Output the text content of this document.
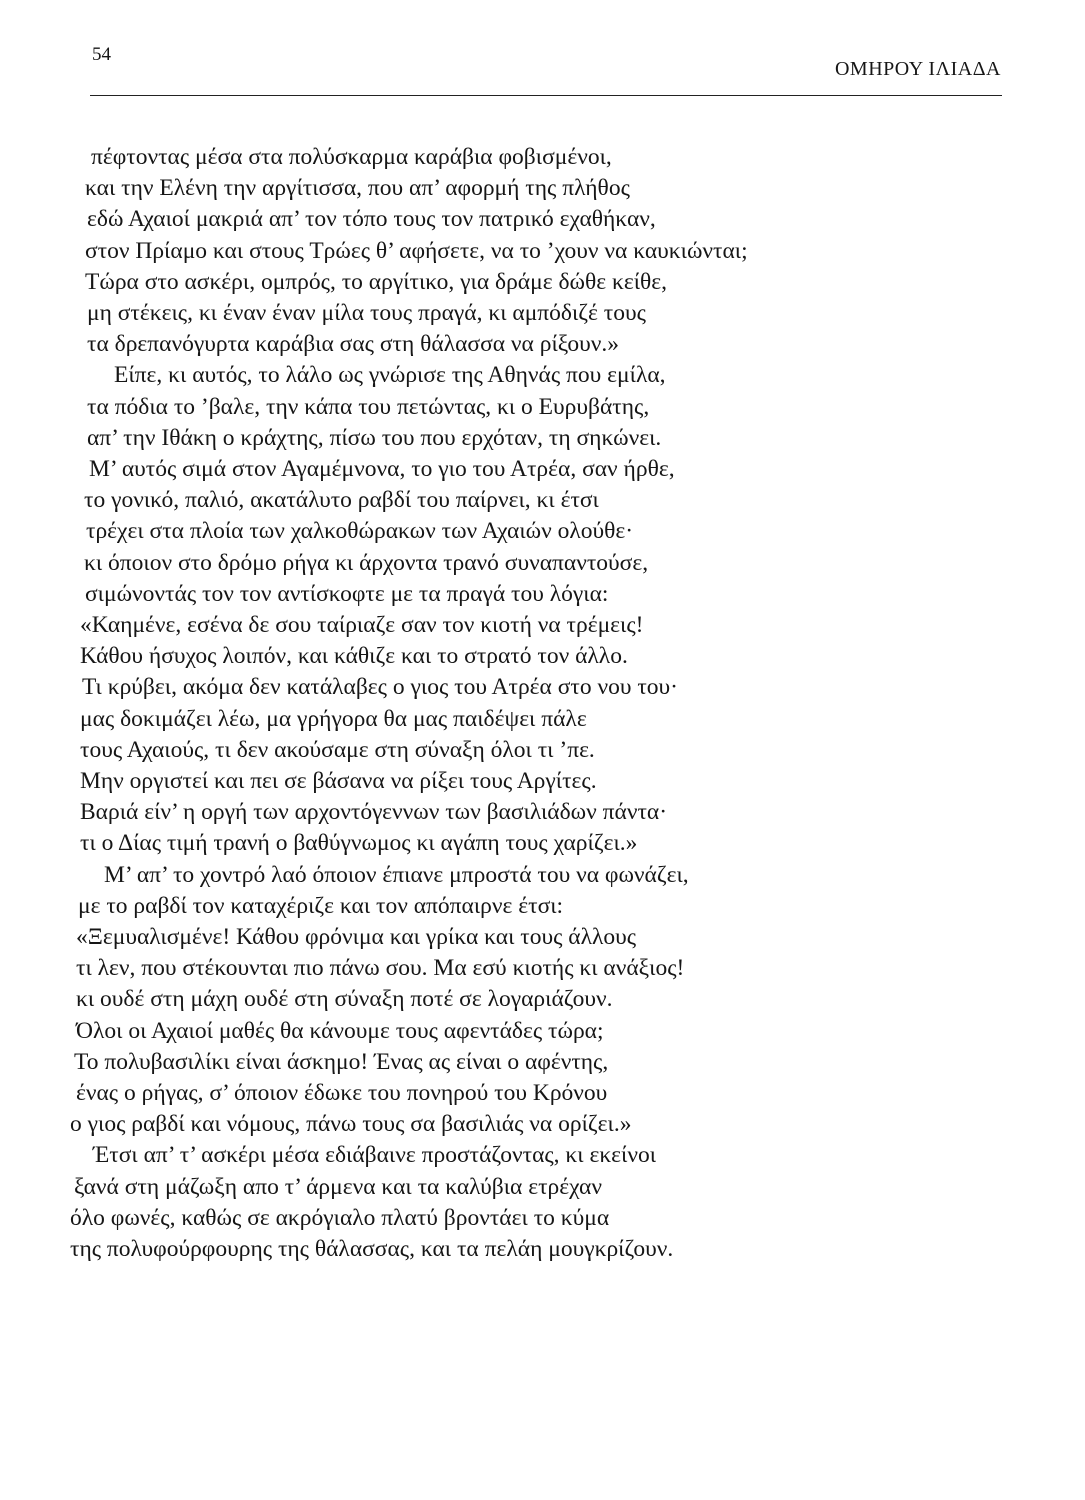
54
ΟΜΗΡΟΥ ΙΛΙΑΔΑ
πέφτοντας μέσα στα πολύσκαρμα καράβια φοβισμένοι,
και την Ελένη την αργίτισσα, που απ’ αφορμή της πλήθος
εδώ Αχαιοί μακριά απ’ τον τόπο τους τον πατρικό εχαθήκαν,
στον Πρίαμο και στους Τρώες θ’ αφήσετε, να το ’χουν να καυκιώνται;
Τώρα στο ασκέρι, ομπρός, το αργίτικο, για δράμε δώθε κείθε,
μη στέκεις, κι έναν έναν μίλα τους πραγά, κι αμπόδιζέ τους
τα δρεπανόγυρτα καράβια σας στη θάλασσα να ρίξουν.»
Είπε, κι αυτός, το λάλο ως γνώρισε της Αθηνάς που εμίλα,
τα πόδια το ’βαλε, την κάπα του πετώντας, κι ο Ευρυβάτης,
απ’ την Ιθάκη ο κράχτης, πίσω του που ερχόταν, τη σηκώνει.
Μ’ αυτός σιμά στον Αγαμέμνονα, το γιο του Ατρέα, σαν ήρθε,
το γονικό, παλιό, ακατάλυτο ραβδί του παίρνει, κι έτσι
τρέχει στα πλοία των χαλκοθώρακων των Αχαιών ολούθε·
κι όποιον στο δρόμο ρήγα κι άρχοντα τρανό συναπαντούσε,
σιμώνοντάς τον τον αντίσκοφτε με τα πραγά του λόγια:
«Καημένε, εσένα δε σου ταίριαζε σαν τον κιοτή να τρέμεις!
Κάθου ήσυχος λοιπόν, και κάθιζε και το στρατό τον άλλο.
Τι κρύβει, ακόμα δεν κατάλαβες ο γιος του Ατρέα στο νου του·
μας δοκιμάζει λέω, μα γρήγορα θα μας παιδέψει πάλε
τους Αχαιούς, τι δεν ακούσαμε στη σύναξη όλοι τι ’πε.
Μην οργιστεί και πει σε βάσανα να ρίξει τους Αργίτες.
Βαριά είν’ η οργή των αρχοντόγεννων των βασιλιάδων πάντα·
τι ο Δίας τιμή τρανή ο βαθύγνωμος κι αγάπη τους χαρίζει.»
Μ’ απ’ το χοντρό λαό όποιον έπιανε μπροστά του να φωνάζει,
με το ραβδί τον καταχέριζε και τον απόπαιρνε έτσι:
«Ξεμυαλισμένε! Κάθου φρόνιμα και γρίκα και τους άλλους
τι λεν, που στέκουνται πιο πάνω σου. Μα εσύ κιοτής κι ανάξιος!
κι ουδέ στη μάχη ουδέ στη σύναξη ποτέ σε λογαριάζουν.
Όλοι οι Αχαιοί μαθές θα κάνουμε τους αφεντάδες τώρα;
Το πολυβασιλίκι είναι άσκημο! Ένας ας είναι ο αφέντης,
ένας ο ρήγας, σ’ όποιον έδωκε του πονηρού του Κρόνου
ο γιος ραβδί και νόμους, πάνω τους σα βασιλιάς να ορίζει.»
Έτσι απ’ τ’ ασκέρι μέσα εδιάβαινε προστάζοντας, κι εκείνοι
ξανά στη μάζωξη απο τ’ άρμενα και τα καλύβια ετρέχαν
όλο φωνές, καθώς σε ακρόγιαλο πλατύ βροντάει το κύμα
της πολυφούρφουρης της θάλασσας, και τα πελάη μουγκρίζουν.
